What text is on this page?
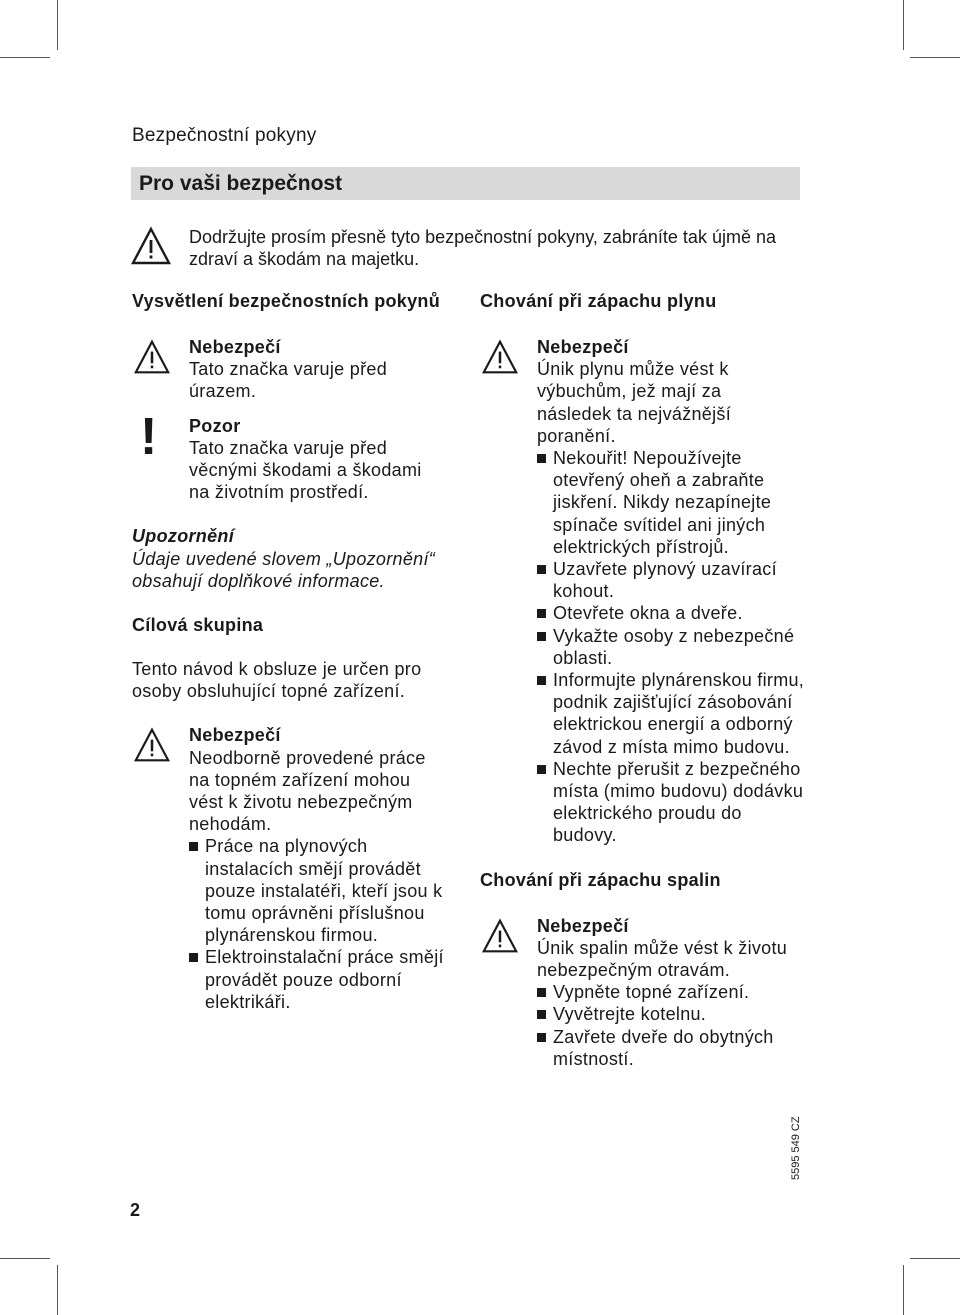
Bezpečnostní pokyny
Pro vaši bezpečnost
Dodržujte prosím přesně tyto bezpečnostní pokyny, zabráníte tak újmě na zdraví a škodám na majetku.
Vysvětlení bezpečnostních pokynů
Nebezpečí

Tato značka varuje před úrazem.

! Pozor

Tato značka varuje před věcnými škodami a škodami na životním prostředí.

Upozornění
Údaje uvedené slovem „Upozornění“ obsahují doplňkové informace.
Cílová skupina
Tento návod k obsluze je určen pro osoby obsluhující topné zařízení.
Nebezpečí

Neodborně provedené práce na topném zařízení mohou vést k životu nebezpečným nehodám.

Práce na plynových instalacích smějí provádět pouze instalatéři, kteří jsou k tomu oprávněni příslušnou plynárenskou firmou.
Elektroinstalační práce smějí provádět pouze odborní elektrikáři.
Chování při zápachu plynu
Nebezpečí

Únik plynu může vést k výbuchům, jež mají za následek ta nejvážnější poranění.

Nekouřit! Nepoužívejte otevřený oheň a zabraňte jiskření. Nikdy nezapínejte spínače svítidel ani jiných elektrických přístrojů.
Uzavřete plynový uzavírací kohout.
Otevřete okna a dveře.
Vykažte osoby z nebezpečné oblasti.
Informujte plynárenskou firmu, podnik zajišťující zásobování elektrickou energií a odborný závod z místa mimo budovu.
Nechte přerušit z bezpečného místa (mimo budovu) dodávku elektrického proudu do budovy.
Chování při zápachu spalin
Nebezpečí

Únik spalin může vést k životu nebezpečným otravám.

Vypněte topné zařízení.
Vyvětrejte kotelnu.
Zavřete dveře do obytných místností.
5595 549 CZ
2
